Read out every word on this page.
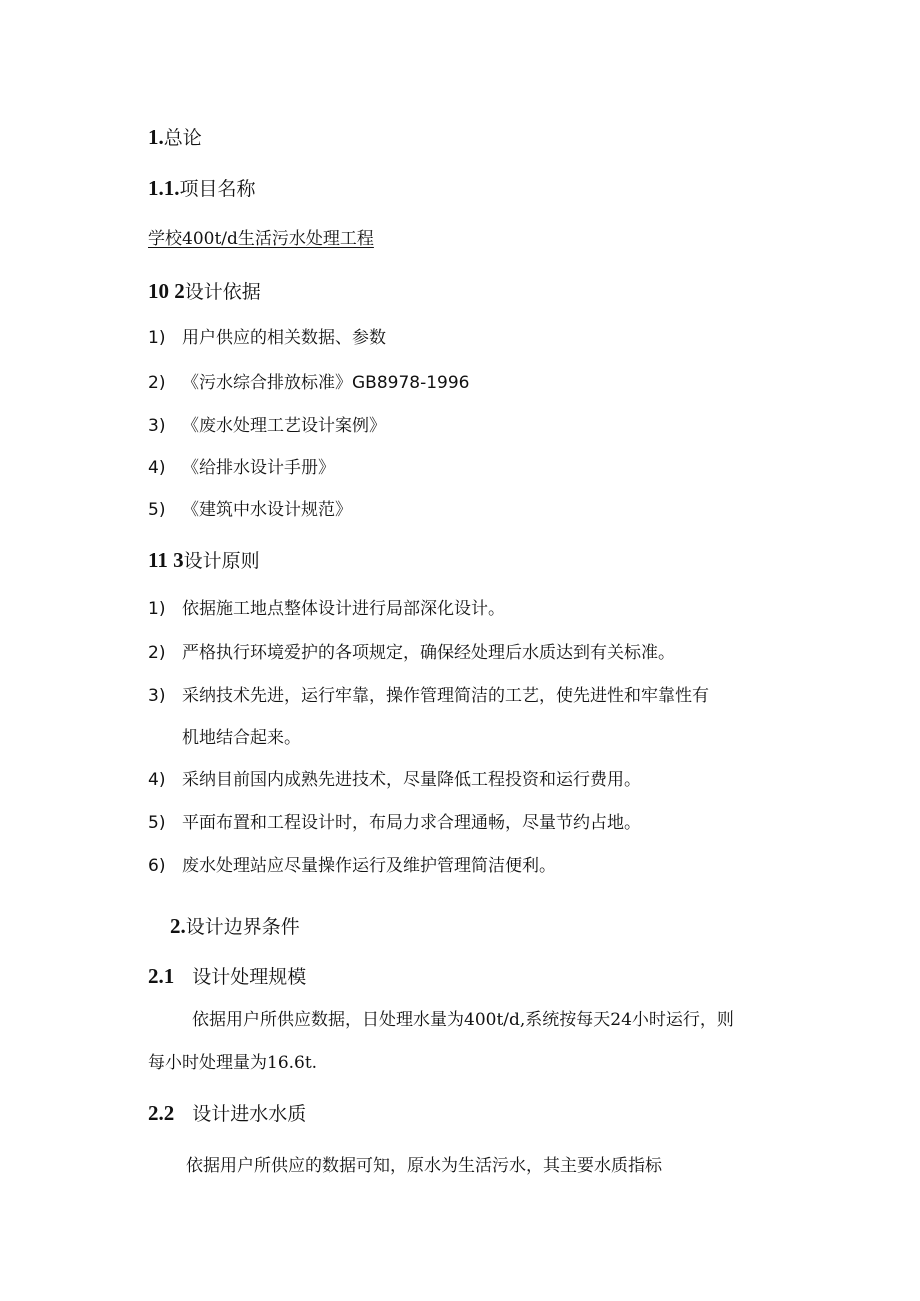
1.总论
1.1.项目名称
学校400t/d生活污水处理工程
10 2设计依据
1) 用户供应的相关数据、参数
2) 《污水综合排放标准》GB8978-1996
3) 《废水处理工艺设计案例》
4) 《给排水设计手册》
5) 《建筑中水设计规范》
11 3设计原则
1) 依据施工地点整体设计进行局部深化设计。
2) 严格执行环境爱护的各项规定，确保经处理后水质达到有关标准。
3) 采纳技术先进，运行牢靠，操作管理简洁的工艺，使先进性和牢靠性有
机地结合起来。
4) 采纳目前国内成熟先进技术，尽量降低工程投资和运行费用。
5) 平面布置和工程设计时，布局力求合理通畅，尽量节约占地。
6) 废水处理站应尽量操作运行及维护管理简洁便利。
2.设计边界条件
2.1 设计处理规模
依据用户所供应数据，日处理水量为400t/d,系统按每天24小时运行，则
每小时处理量为16.6t.
2.2 设计进水水质
依据用户所供应的数据可知，原水为生活污水，其主要水质指标
